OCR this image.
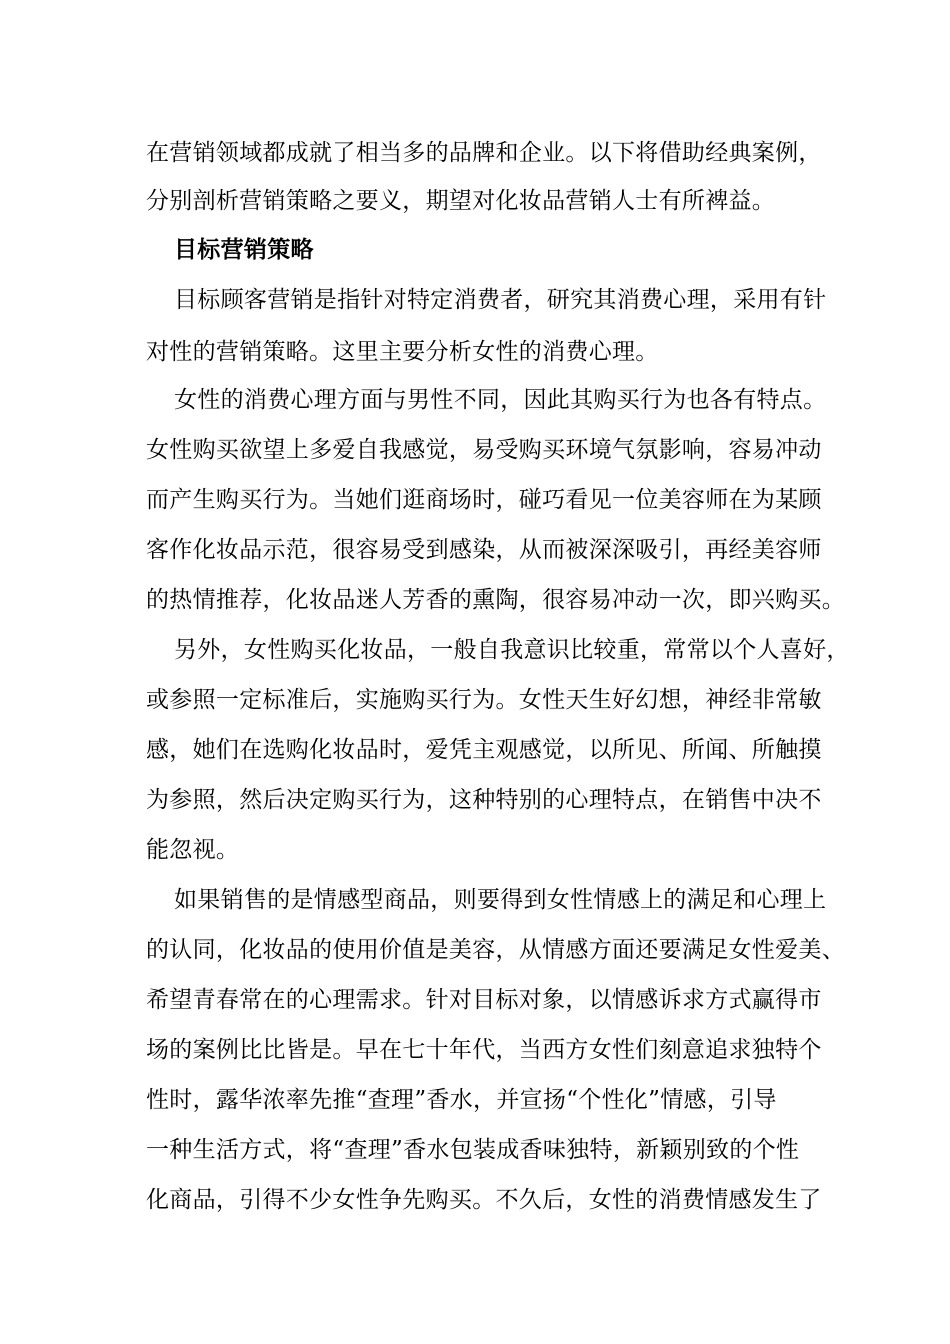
在营销领域都成就了相当多的品牌和企业。以下将借助经典案例，
分别剖析营销策略之要义，期望对化妆品营销人士有所裨益。
目标营销策略
目标顾客营销是指针对特定消费者，研究其消费心理，采用有针
对性的营销策略。这里主要分析女性的消费心理。
女性的消费心理方面与男性不同，因此其购买行为也各有特点。
女性购买欲望上多爱自我感觉，易受购买环境气氛影响，容易冲动
而产生购买行为。当她们逛商场时，碰巧看见一位美容师在为某顾
客作化妆品示范，很容易受到感染，从而被深深吸引，再经美容师
的热情推荐，化妆品迷人芳香的熏陶，很容易冲动一次，即兴购买。
另外，女性购买化妆品，一般自我意识比较重，常常以个人喜好，
或参照一定标准后，实施购买行为。女性天生好幻想，神经非常敏
感，她们在选购化妆品时，爱凭主观感觉，以所见、所闻、所触摸
为参照，然后决定购买行为，这种特别的心理特点，在销售中决不
能忽视。
如果销售的是情感型商品，则要得到女性情感上的满足和心理上
的认同，化妆品的使用价值是美容，从情感方面还要满足女性爱美、
希望青春常在的心理需求。针对目标对象，以情感诉求方式赢得市
场的案例比比皆是。早在七十年代，当西方女性们刻意追求独特个
性时，露华浓率先推“查理”香水，并宣扬“个性化”情感，引导
一种生活方式，将“查理”香水包装成香味独特，新颖别致的个性
化商品，引得不少女性争先购买。不久后，女性的消费情感发生了
